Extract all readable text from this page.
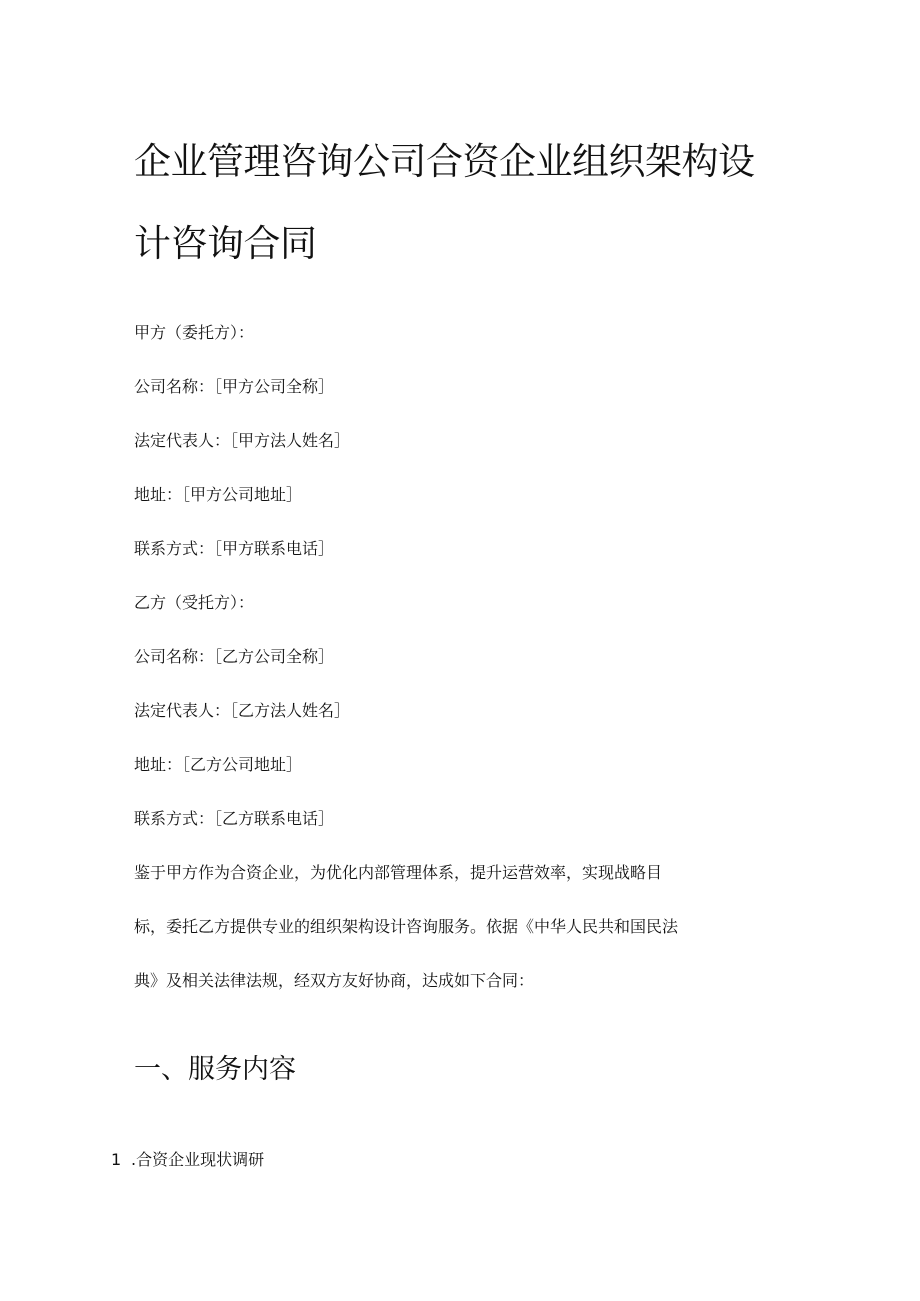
企业管理咨询公司合资企业组织架构设
计咨询合同

甲方（委托方）：

公司名称：［甲方公司全称］

法定代表人：［甲方法人姓名］

地址：［甲方公司地址］

联系方式：［甲方联系电话］

乙方（受托方）：

公司名称：［乙方公司全称］

法定代表人：［乙方法人姓名］

地址：［乙方公司地址］

联系方式：［乙方联系电话］

鉴于甲方作为合资企业，为优化内部管理体系，提升运营效率，实现战略目

标，委托乙方提供专业的组织架构设计咨询服务。依据《中华人民共和国民法

典》及相关法律法规，经双方友好协商，达成如下合同：

一、服务内容

1 .合资企业现状调研
